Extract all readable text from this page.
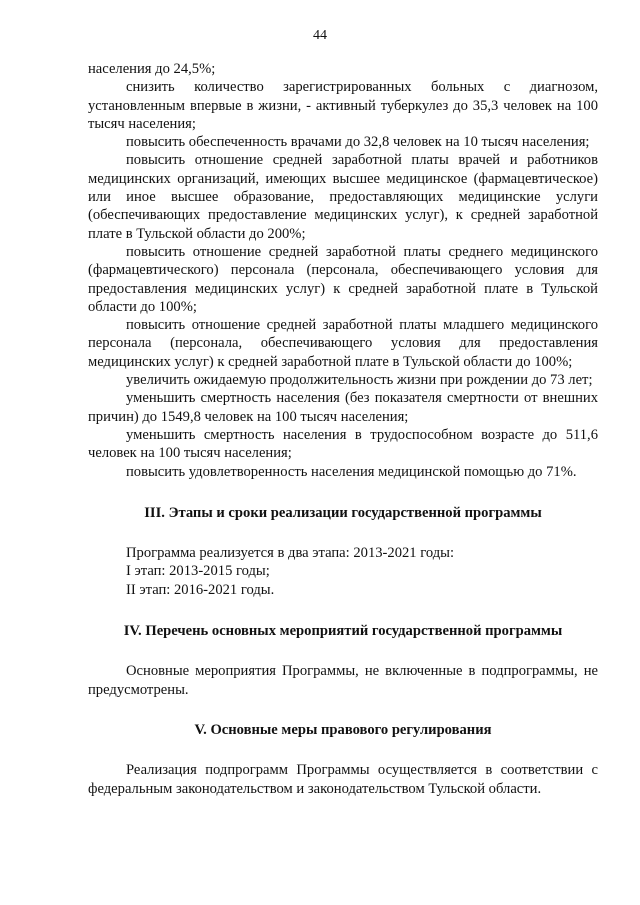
44

населения до 24,5%;

снизить количество зарегистрированных больных с диагнозом, установленным впервые в жизни, - активный туберкулез до 35,3 человек на 100 тысяч населения;

повысить обеспеченность врачами до 32,8 человек на 10 тысяч населения;

повысить отношение средней заработной платы врачей и работников медицинских организаций, имеющих высшее медицинское (фармацевтическое) или иное высшее образование, предоставляющих медицинские услуги (обеспечивающих предоставление медицинских услуг), к средней заработной плате в Тульской области до 200%;

повысить отношение средней заработной платы среднего медицинского (фармацевтического) персонала (персонала, обеспечивающего условия для предоставления медицинских услуг) к средней заработной плате в Тульской области до 100%;

повысить отношение средней заработной платы младшего медицинского персонала (персонала, обеспечивающего условия для предоставления медицинских услуг) к средней заработной плате в Тульской области до 100%;

увеличить ожидаемую продолжительность жизни при рождении до 73 лет;

уменьшить смертность населения (без показателя смертности от внешних причин) до 1549,8 человек на 100 тысяч населения;

уменьшить смертность населения в трудоспособном возрасте до 511,6 человек на 100 тысяч населения;

повысить удовлетворенность населения медицинской помощью до 71%.

III. Этапы и сроки реализации государственной программы

Программа реализуется в два этапа: 2013-2021 годы:

I этап: 2013-2015 годы;

II этап: 2016-2021 годы.

IV. Перечень основных мероприятий государственной программы

Основные мероприятия Программы, не включенные в подпрограммы, не предусмотрены.

V. Основные меры правового регулирования

Реализация подпрограмм Программы осуществляется в соответствии с федеральным законодательством и законодательством Тульской области.
